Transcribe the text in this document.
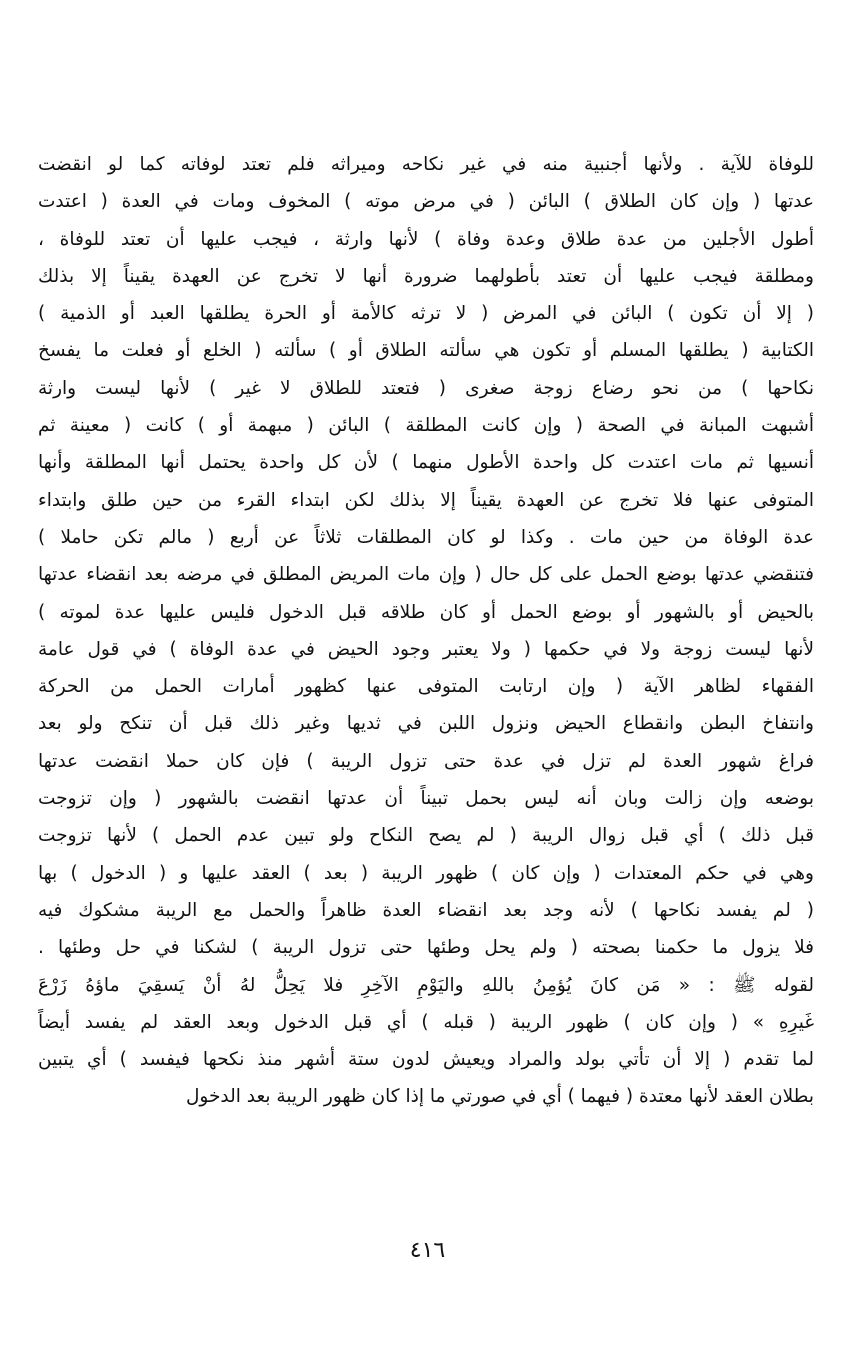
للوفاة للآية . ولأنها أجنبية منه في غير نكاحه وميراثه فلم تعتد لوفاته كما لو انقضت
عدتها ( وإن كان الطلاق ) البائن ( في مرض موته ) المخوف ومات في العدة ( اعتدت
أطول الأجلين من عدة طلاق وعدة وفاة ) لأنها وارثة ، فيجب عليها أن تعتد للوفاة ،
ومطلقة فيجب عليها أن تعتد بأطولهما ضرورة أنها لا تخرج عن العهدة يقيناً إلا بذلك
( إلا أن تكون ) البائن في المرض ( لا ترثه كالأمة أو الحرة يطلقها العبد أو الذمية )
الكتابية ( يطلقها المسلم أو تكون هي سألته الطلاق أو ) سألته ( الخلع أو فعلت ما يفسخ
نكاحها ) من نحو رضاع زوجة صغرى ( فتعتد للطلاق لا غير ) لأنها ليست وارثة
أشبهت المبانة في الصحة ( وإن كانت المطلقة ) البائن ( مبهمة أو ) كانت ( معينة ثم
أنسيها ثم مات اعتدت كل واحدة الأطول منهما ) لأن كل واحدة يحتمل أنها المطلقة وأنها
المتوفى عنها فلا تخرج عن العهدة يقيناً إلا بذلك لكن ابتداء القرء من حين طلق وابتداء
عدة الوفاة من حين مات . وكذا لو كان المطلقات ثلاثاً عن أربع ( مالم تكن حاملا )
فتنقضي عدتها بوضع الحمل على كل حال ( وإن مات المريض المطلق في مرضه بعد انقضاء عدتها
بالحيض أو بالشهور أو بوضع الحمل أو كان طلاقه قبل الدخول فليس عليها عدة لموته )
لأنها ليست زوجة ولا في حكمها ( ولا يعتبر وجود الحيض في عدة الوفاة ) في قول عامة
الفقهاء لظاهر الآية ( وإن ارتابت المتوفى عنها كظهور أمارات الحمل من الحركة
وانتفاخ البطن وانقطاع الحيض ونزول اللبن في ثديها وغير ذلك قبل أن تنكح ولو بعد
فراغ شهور العدة لم تزل في عدة حتى تزول الريبة ) فإن كان حملا انقضت عدتها
بوضعه وإن زالت وبان أنه ليس بحمل تبيناً أن عدتها انقضت بالشهور ( وإن تزوجت
قبل ذلك ) أي قبل زوال الريبة ( لم يصح النكاح ولو تبين عدم الحمل ) لأنها تزوجت
وهي في حكم المعتدات ( وإن كان ) ظهور الريبة ( بعد ) العقد عليها و ( الدخول ) بها
( لم يفسد نكاحها ) لأنه وجد بعد انقضاء العدة ظاهراً والحمل مع الريبة مشكوك فيه
فلا يزول ما حكمنا بصحته ( ولم يحل وطئها حتى تزول الريبة ) لشكنا في حل وطئها .
لقوله ﷺ : « مَن كانَ يُؤمِنُ باللهِ واليَوْمِ الآخِرِ فلا يَحِلُّ لهُ أنْ يَسقِيَ ماؤهُ زَرْعَ
غَيرِهِ » ( وإن كان ) ظهور الريبة ( قبله ) أي قبل الدخول وبعد العقد لم يفسد أيضاً
لما تقدم ( إلا أن تأتي بولد والمراد ويعيش لدون ستة أشهر منذ نكحها فيفسد ) أي يتبين
بطلان العقد لأنها معتدة ( فيهما ) أي في صورتي ما إذا كان ظهور الريبة بعد الدخول
٤١٦
